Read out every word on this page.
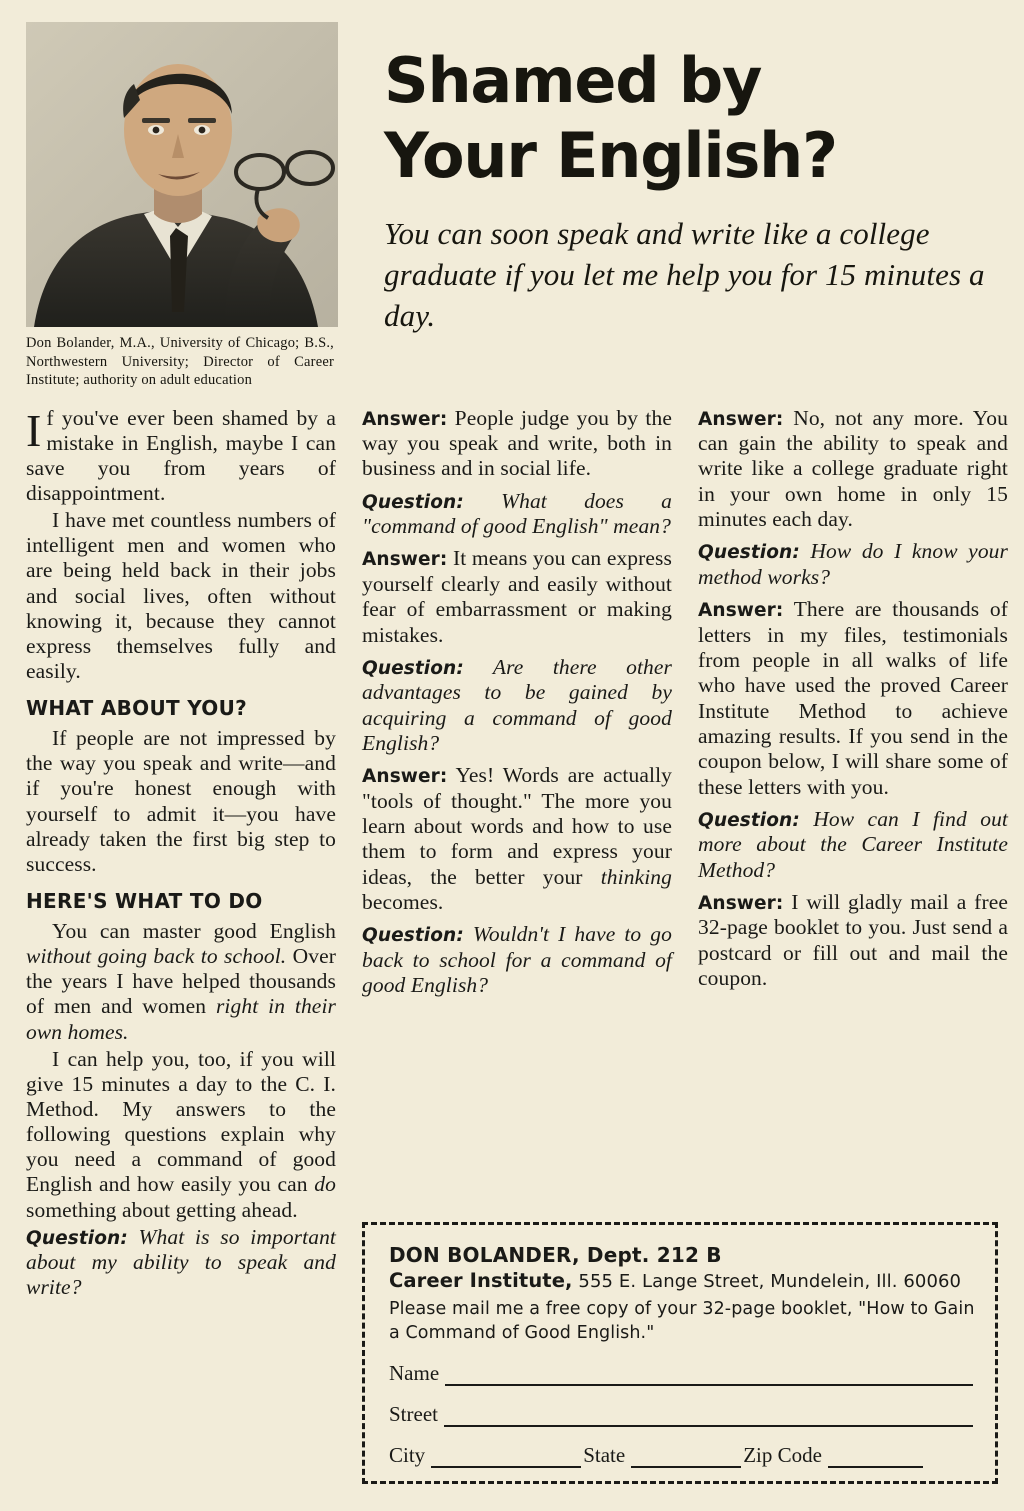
Don Bolander, M.A., University of Chicago; B.S., Northwestern University; Director of Career Institute; authority on adult education
Shamed by
Your English?
You can soon speak and write like a college graduate if you let me help you for 15 minutes a day.

If you've ever been shamed by a mistake in English, maybe I can save you from years of disappointment.

I have met countless numbers of intelligent men and women who are being held back in their jobs and social lives, often without knowing it, because they cannot express themselves fully and easily.

WHAT ABOUT YOU?

If people are not impressed by the way you speak and write—and if you're honest enough with yourself to admit it—you have already taken the first big step to success.

HERE'S WHAT TO DO

You can master good English without going back to school. Over the years I have helped thousands of men and women right in their own homes.

I can help you, too, if you will give 15 minutes a day to the C. I. Method. My answers to the following questions explain why you need a command of good English and how easily you can do something about getting ahead.

Question: What is so important about my ability to speak and write?

Answer: People judge you by the way you speak and write, both in business and in social life.

Question: What does a "command of good English" mean?

Answer: It means you can express yourself clearly and easily without fear of embarrassment or making mistakes.

Question: Are there other advantages to be gained by acquiring a command of good English?

Answer: Yes! Words are actually "tools of thought." The more you learn about words and how to use them to form and express your ideas, the better your thinking becomes.

Question: Wouldn't I have to go back to school for a command of good English?

Answer: No, not any more. You can gain the ability to speak and write like a college graduate right in your own home in only 15 minutes each day.

Question: How do I know your method works?

Answer: There are thousands of letters in my files, testimonials from people in all walks of life who have used the proved Career Institute Method to achieve amazing results. If you send in the coupon below, I will share some of these letters with you.

Question: How can I find out more about the Career Institute Method?

Answer: I will gladly mail a free 32-page booklet to you. Just send a postcard or fill out and mail the coupon.

DON BOLANDER, Dept. 212 B
Career Institute, 555 E. Lange Street, Mundelein, Ill. 60060
Please mail me a free copy of your 32-page booklet, "How to Gain a Command of Good English."
Name
Street
City	State	Zip Code
